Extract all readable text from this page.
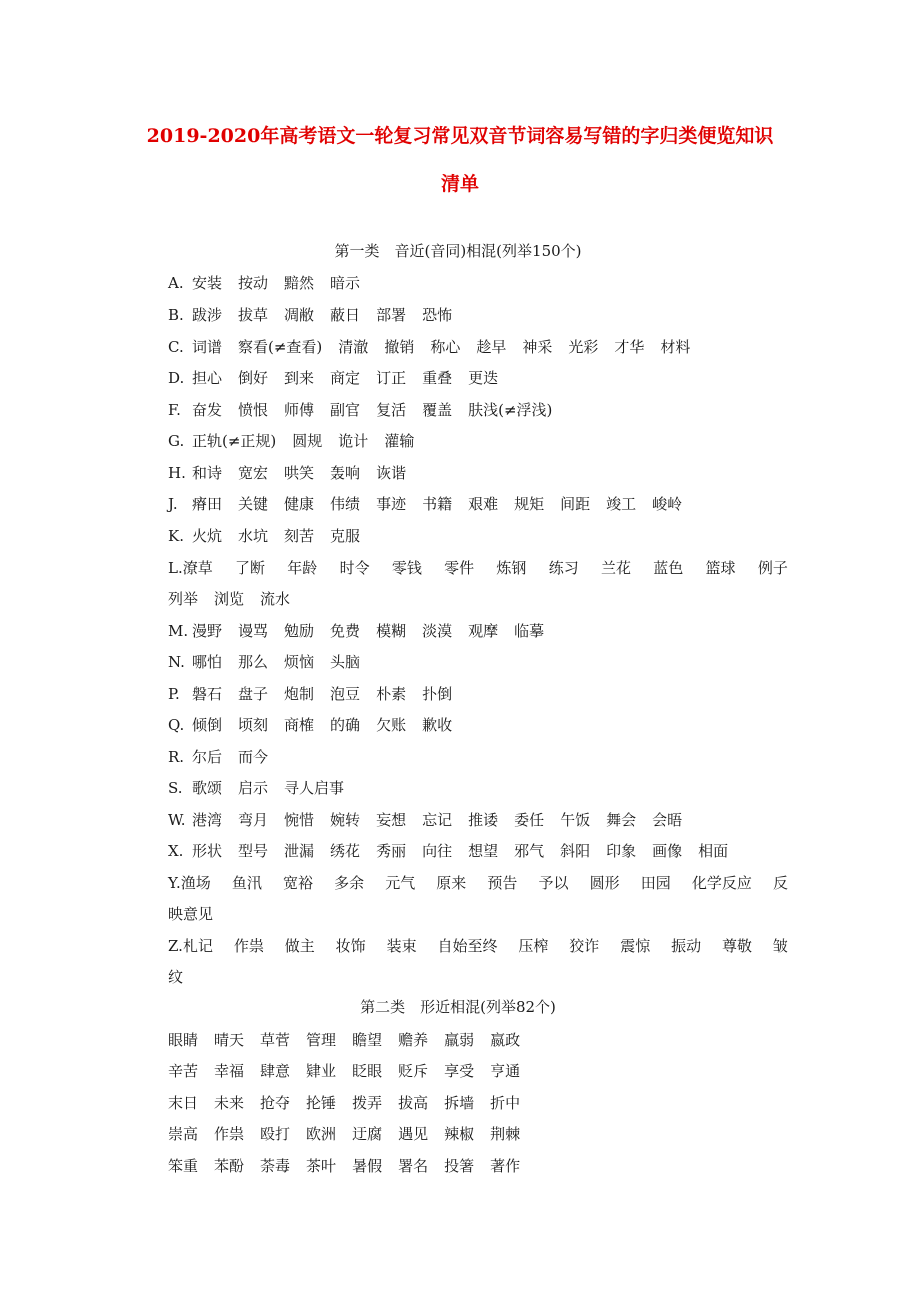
2019-2020年高考语文一轮复习常见双音节词容易写错的字归类便览知识
清单
第一类　音近(音同)相混(列举150个)
A. 安装 按动 黯然 暗示
B. 跋涉 拔草 凋敝 蔽日 部署 恐怖
C. 词谱 察看(≠查看) 清澈 撤销 称心 趁早 神采 光彩 才华 材料
D. 担心 倒好 到来 商定 订正 重叠 更迭
F. 奋发 愤恨 师傅 副官 复活 覆盖 肤浅(≠浮浅)
G. 正轨(≠正规) 圆规 诡计 灌输
H. 和诗 宽宏 哄笑 轰响 诙谐
J. 瘠田 关键 健康 伟绩 事迹 书籍 艰难 规矩 间距 竣工 峻岭
K. 火炕 水坑 刻苦 克服
L.潦草 了断 年龄 时令 零钱 零件 炼钢 练习 兰花 蓝色 篮球 例子
列举 浏览 流水
M. 漫野 谩骂 勉励 免费 模糊 淡漠 观摩 临摹
N. 哪怕 那么 烦恼 头脑
P. 磐石 盘子 炮制 泡豆 朴素 扑倒
Q. 倾倒 顷刻 商榷 的确 欠账 歉收
R. 尔后 而今
S. 歌颂 启示 寻人启事
W. 港湾 弯月 惋惜 婉转 妄想 忘记 推诿 委任 午饭 舞会 会晤
X. 形状 型号 泄漏 绣花 秀丽 向往 想望 邪气 斜阳 印象 画像 相面
Y.渔场 鱼汛 宽裕 多余 元气 原来 预告 予以 圆形 田园 化学反应 反
映意见
Z.札记 作祟 做主 妆饰 装束 自始至终 压榨 狡诈 震惊 振动 尊敬 皱
纹
第二类　形近相混(列举82个)
眼睛 晴天 草菅 管理 瞻望 赡养 羸弱 嬴政
辛苦 幸福 肆意 肄业 眨眼 贬斥 享受 亨通
末日 未来 抢夺 抡锤 拨弄 拔高 拆墙 折中
崇高 作祟 殴打 欧洲 迂腐 遇见 辣椒 荆棘
笨重 苯酚 荼毒 茶叶 暑假 署名 投箸 著作
